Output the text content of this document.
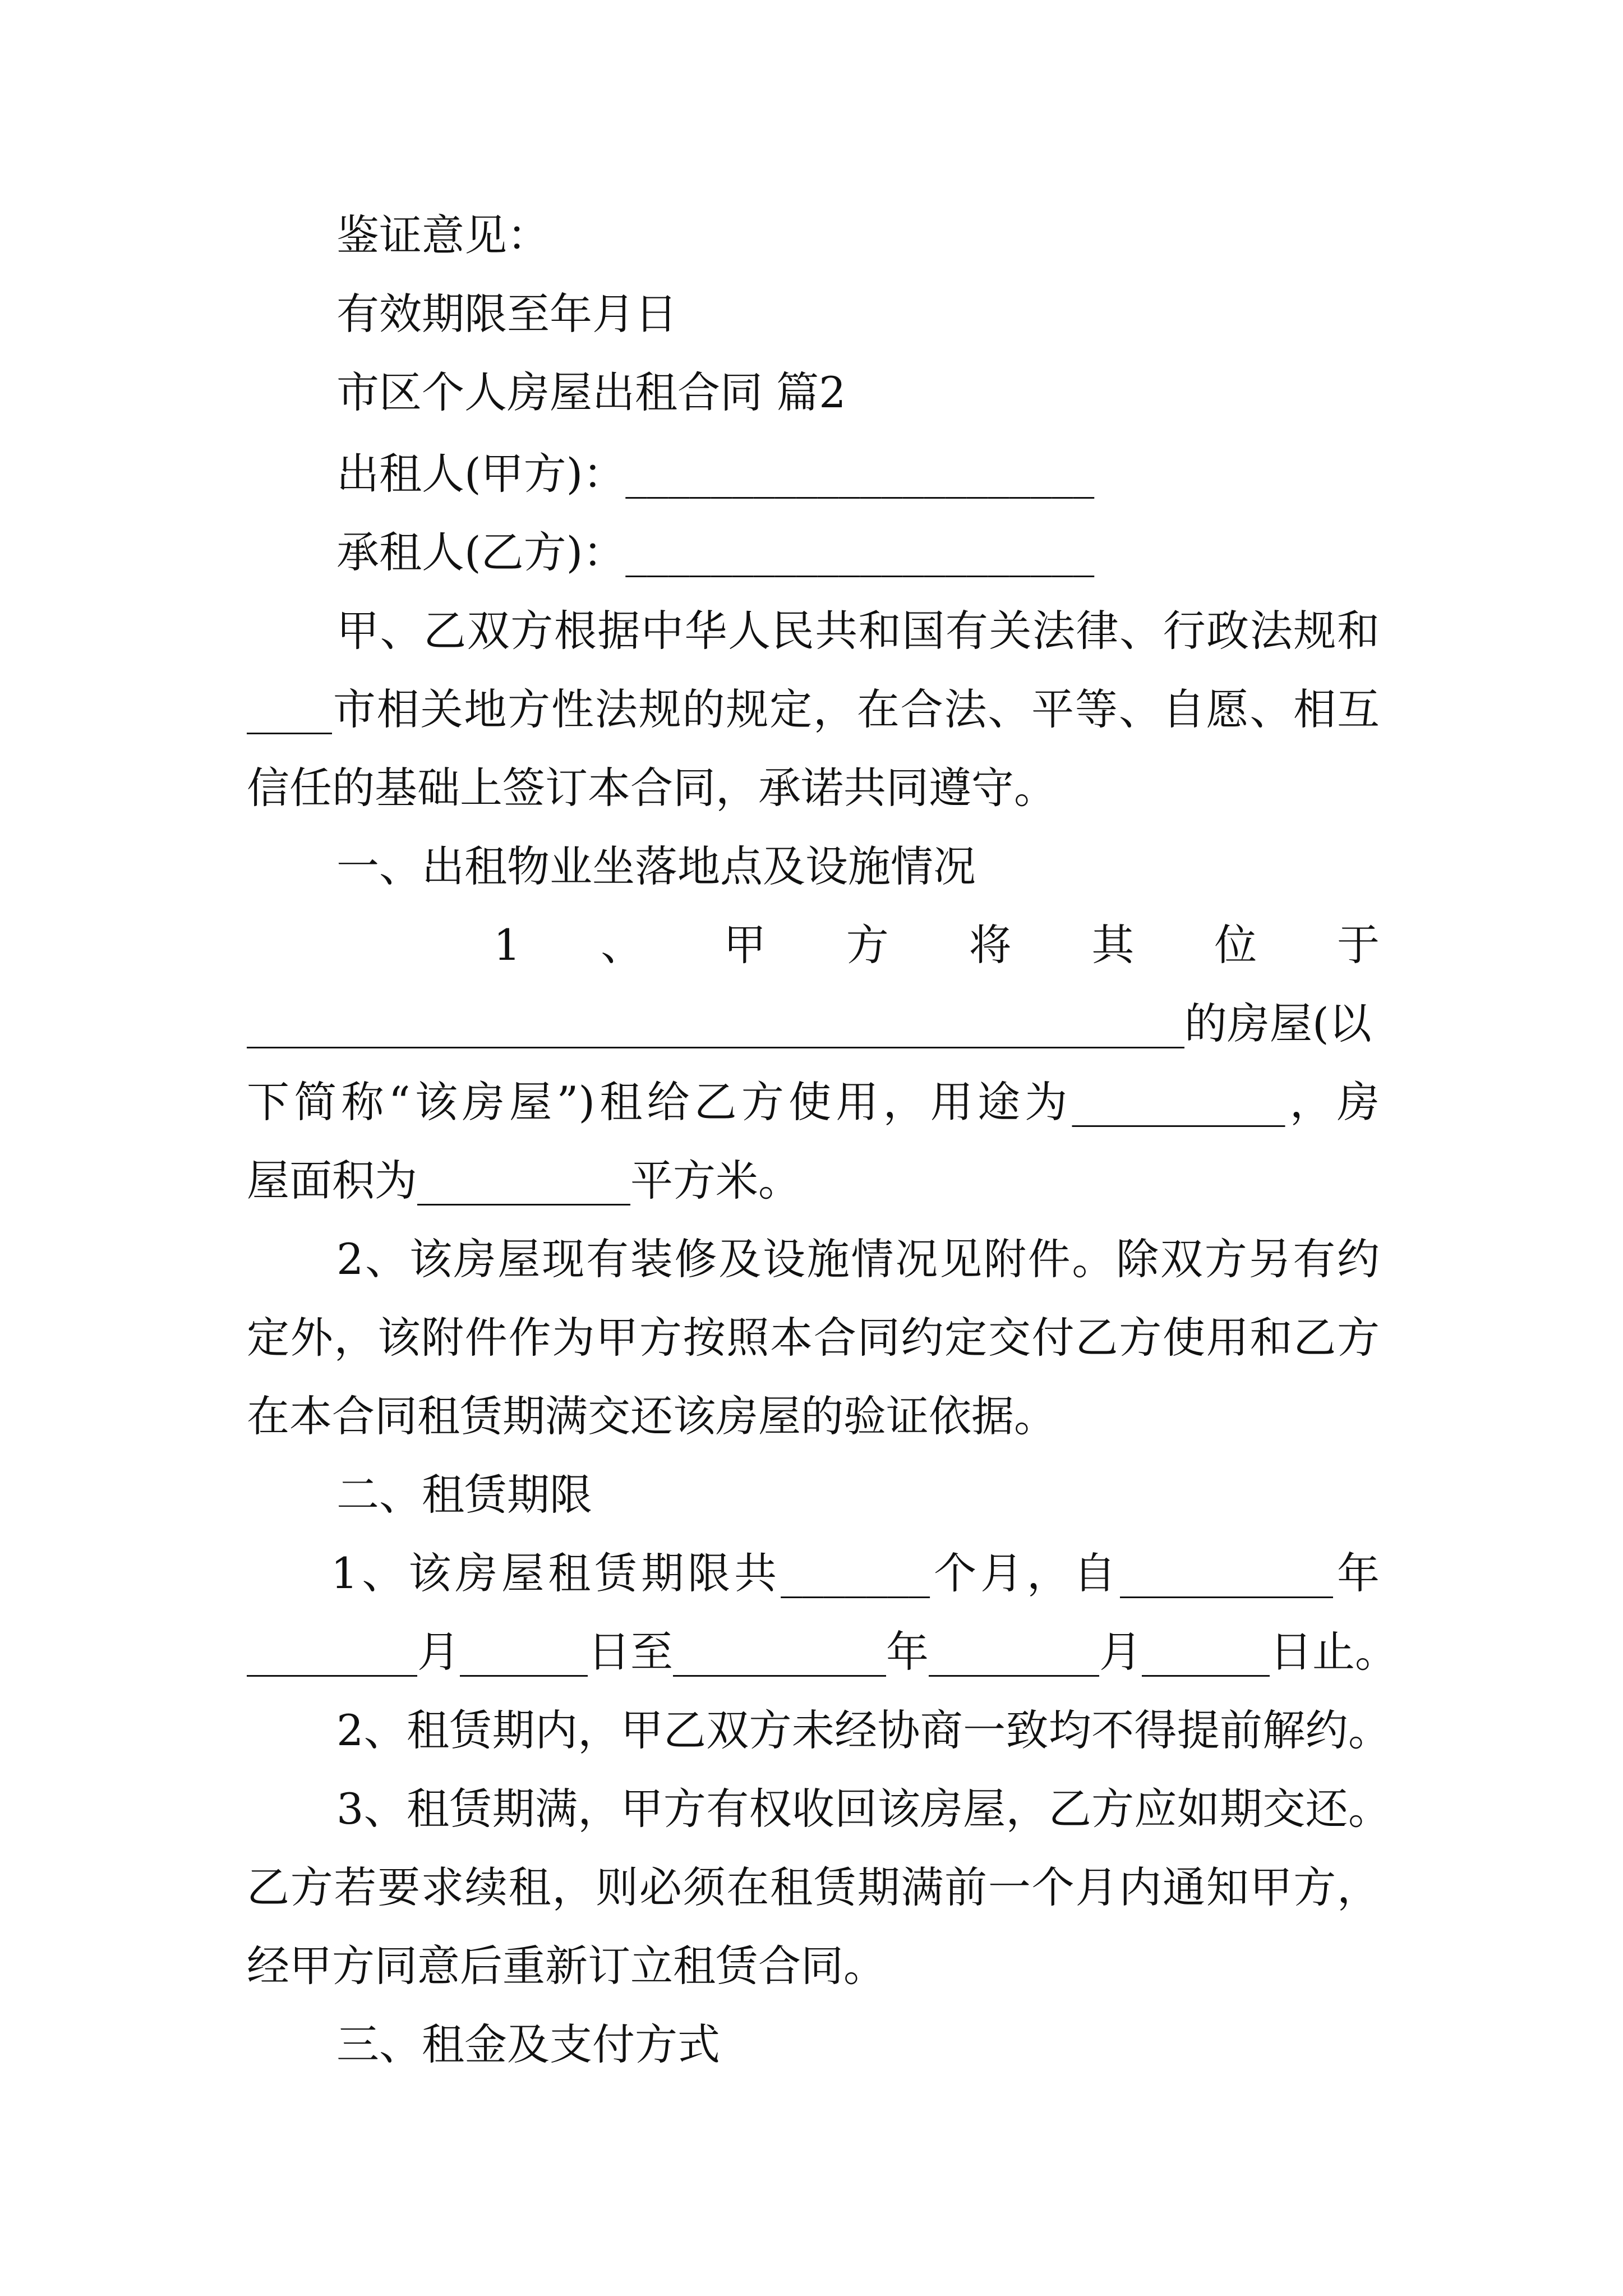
鉴证意见：
有效期限至年月日
市区个人房屋出租合同 篇2
出租人(甲方)：______________________
承租人(乙方)：______________________
甲、乙双方根据中华人民共和国有关法律、行政法规和
____市相关地方性法规的规定，在合法、平等、自愿、相互
信任的基础上签订本合同，承诺共同遵守。
一、出租物业坐落地点及设施情况
1、甲方将其位于
____________________________________________的房屋(以
下简称“该房屋”)租给乙方使用，用途为__________，房
屋面积为__________平方米。
2、该房屋现有装修及设施情况见附件。除双方另有约
定外，该附件作为甲方按照本合同约定交付乙方使用和乙方
在本合同租赁期满交还该房屋的验证依据。
二、租赁期限
1、该房屋租赁期限共_______个月，自__________年
________月______日至__________年________月______日止。
2、租赁期内，甲乙双方未经协商一致均不得提前解约。
3、租赁期满，甲方有权收回该房屋，乙方应如期交还。
乙方若要求续租，则必须在租赁期满前一个月内通知甲方，
经甲方同意后重新订立租赁合同。
三、租金及支付方式
